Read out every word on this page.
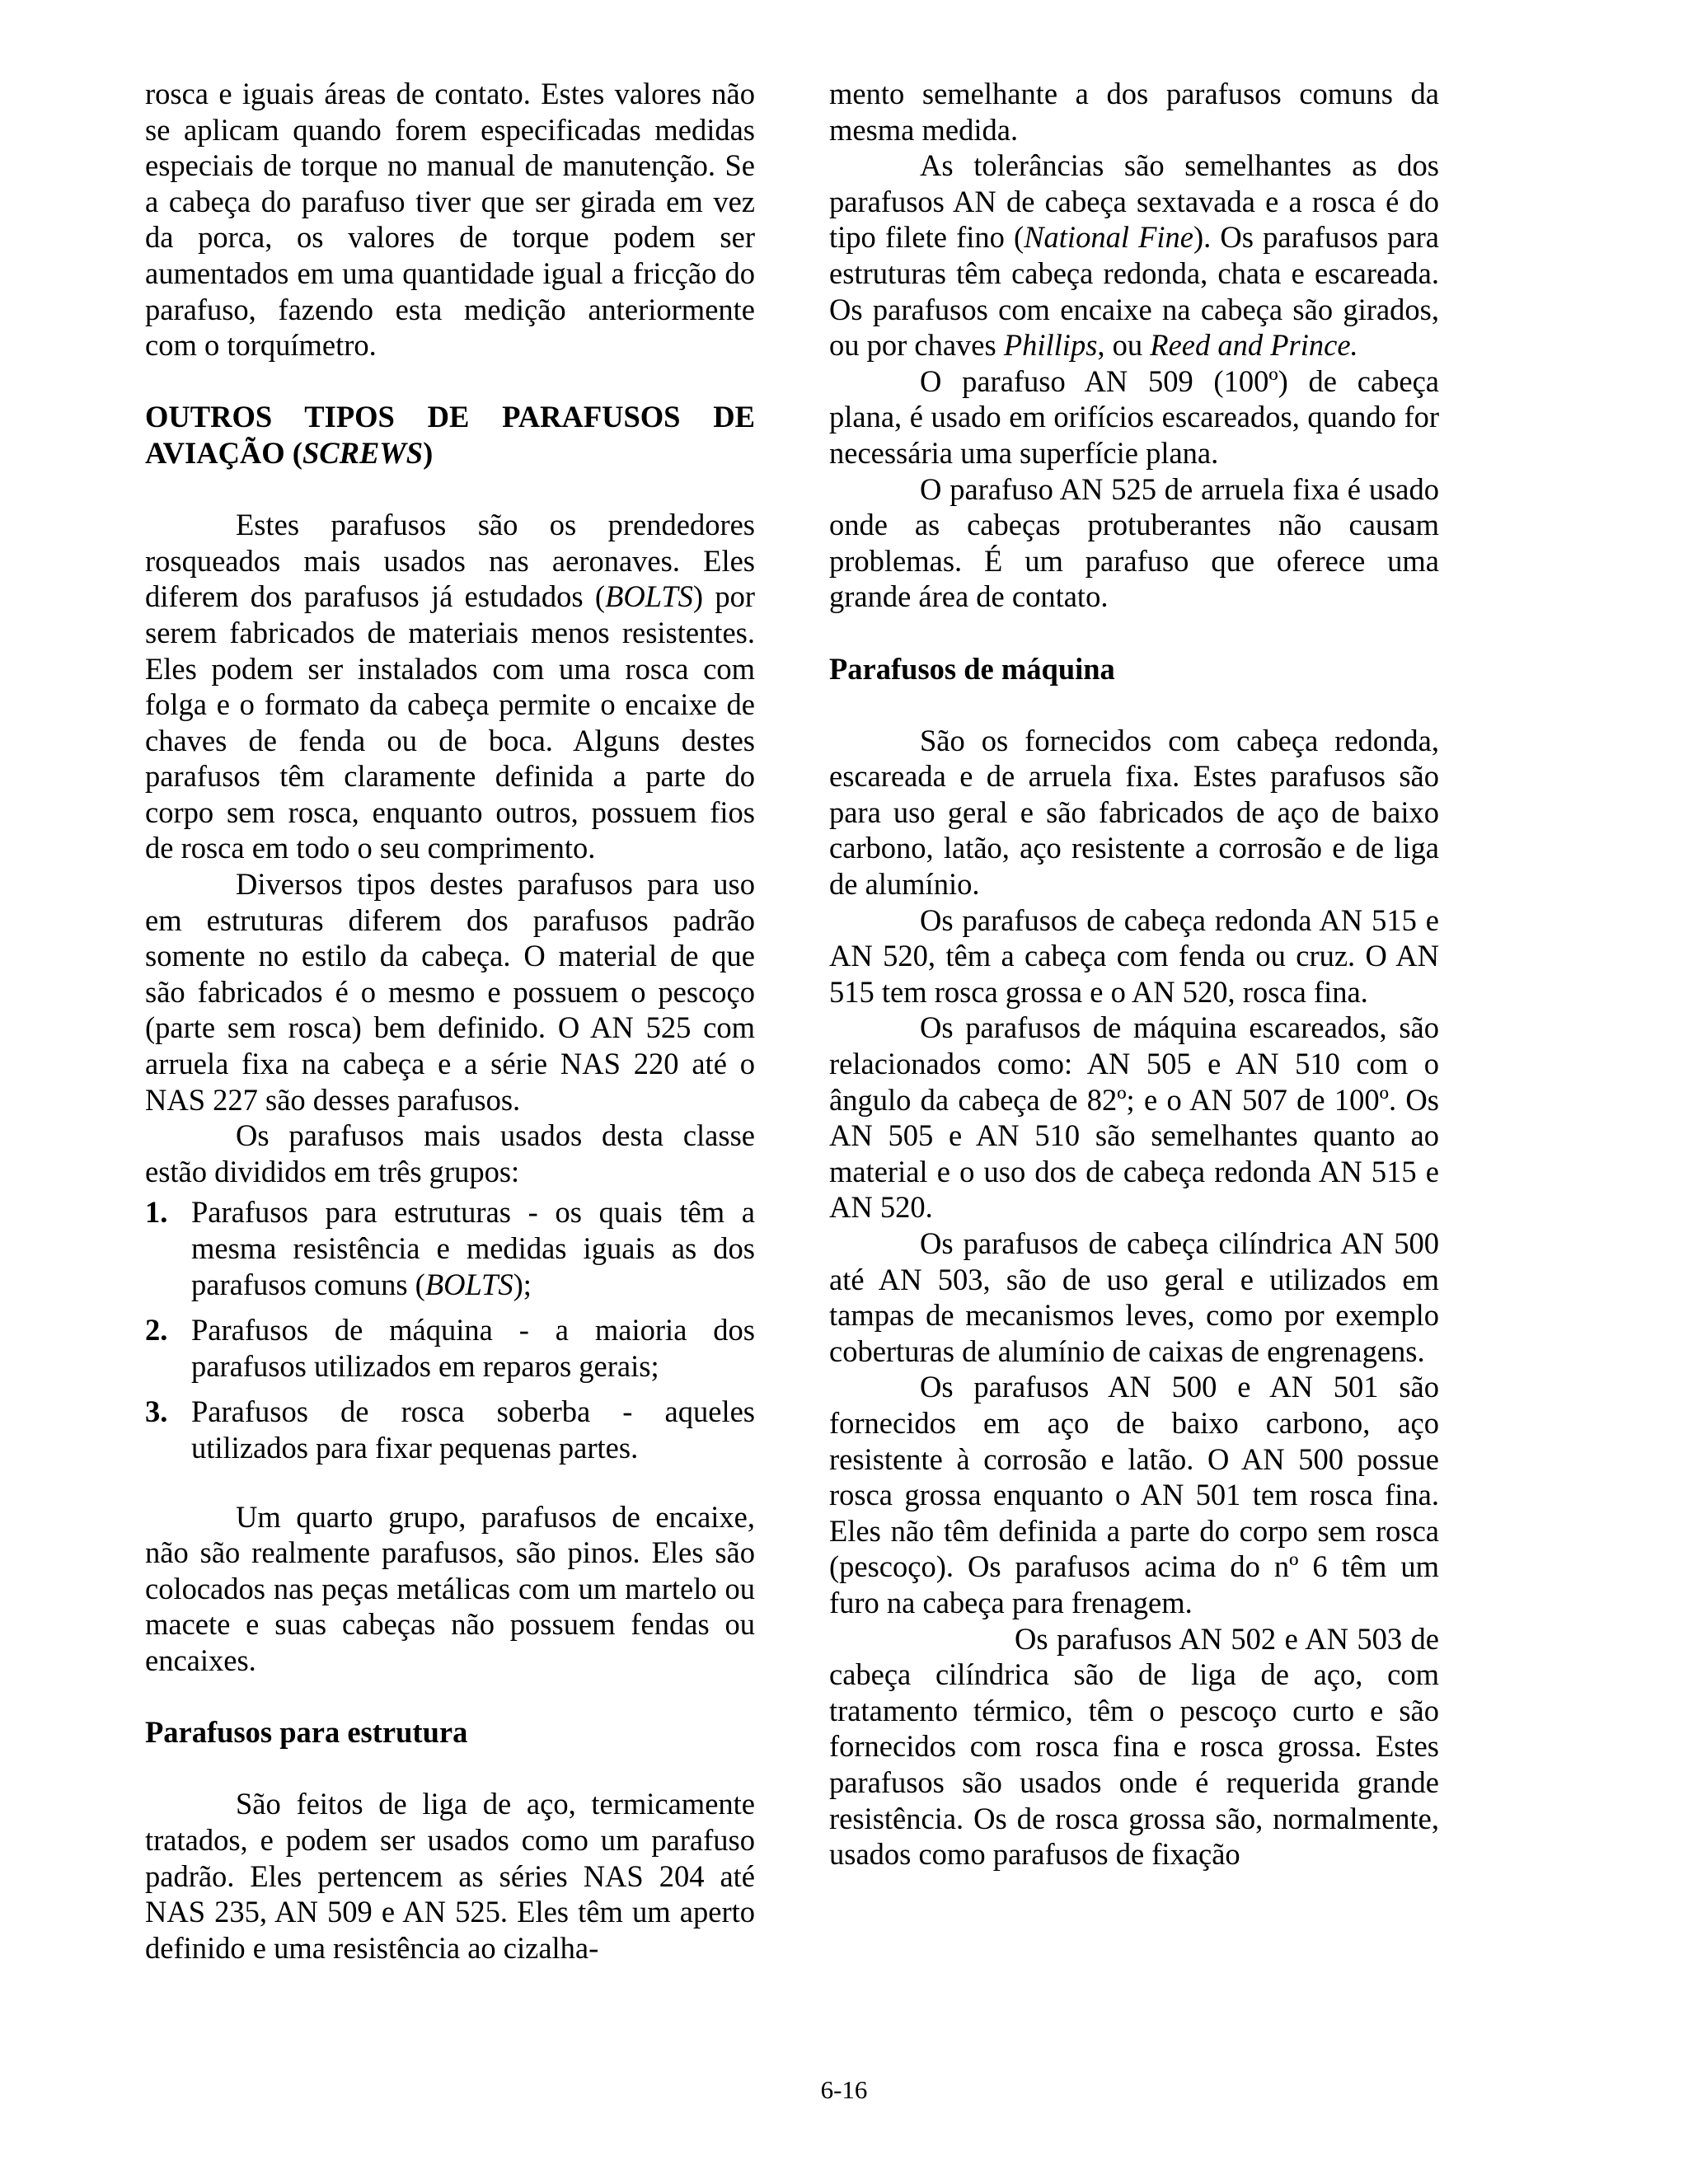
rosca e iguais áreas de contato. Estes valores não se aplicam quando forem especificadas medidas especiais de torque no manual de manutenção. Se a cabeça do parafuso tiver que ser girada em vez da porca, os valores de torque podem ser aumentados em uma quantidade igual a fricção do parafuso, fazendo esta medição anteriormente com o torquímetro.

OUTROS TIPOS DE PARAFUSOS DE AVIAÇÃO (SCREWS)

Estes parafusos são os prendedores rosqueados mais usados nas aeronaves. Eles diferem dos parafusos já estudados (BOLTS) por serem fabricados de materiais menos resistentes. Eles podem ser instalados com uma rosca com folga e o formato da cabeça permite o encaixe de chaves de fenda ou de boca. Alguns destes parafusos têm claramente definida a parte do corpo sem rosca, enquanto outros, possuem fios de rosca em todo o seu comprimento.

Diversos tipos destes parafusos para uso em estruturas diferem dos parafusos padrão somente no estilo da cabeça. O material de que são fabricados é o mesmo e possuem o pescoço (parte sem rosca) bem definido. O AN 525 com arruela fixa na cabeça e a série NAS 220 até o NAS 227 são desses parafusos.

Os parafusos mais usados desta classe estão divididos em três grupos:

1. Parafusos para estruturas - os quais têm a mesma resistência e medidas iguais as dos parafusos comuns (BOLTS);
2. Parafusos de máquina - a maioria dos parafusos utilizados em reparos gerais;
3. Parafusos de rosca soberba - aqueles utilizados para fixar pequenas partes.

Um quarto grupo, parafusos de encaixe, não são realmente parafusos, são pinos. Eles são colocados nas peças metálicas com um martelo ou macete e suas cabeças não possuem fendas ou encaixes.

Parafusos para estrutura

São feitos de liga de aço, termicamente tratados, e podem ser usados como um parafuso padrão. Eles pertencem as séries NAS 204 até NAS 235, AN 509 e AN 525. Eles têm um aperto definido e uma resistência ao cizalha-

mento semelhante a dos parafusos comuns da mesma medida.

As tolerâncias são semelhantes as dos parafusos AN de cabeça sextavada e a rosca é do tipo filete fino (National Fine). Os parafusos para estruturas têm cabeça redonda, chata e escareada. Os parafusos com encaixe na cabeça são girados, ou por chaves Phillips, ou Reed and Prince.

O parafuso AN 509 (100º) de cabeça plana, é usado em orifícios escareados, quando for necessária uma superfície plana.

O parafuso AN 525 de arruela fixa é usado onde as cabeças protuberantes não causam problemas. É um parafuso que oferece uma grande área de contato.

Parafusos de máquina

São os fornecidos com cabeça redonda, escareada e de arruela fixa. Estes parafusos são para uso geral e são fabricados de aço de baixo carbono, latão, aço resistente a corrosão e de liga de alumínio.

Os parafusos de cabeça redonda AN 515 e AN 520, têm a cabeça com fenda ou cruz. O AN 515 tem rosca grossa e o AN 520, rosca fina.

Os parafusos de máquina escareados, são relacionados como: AN 505 e AN 510 com o ângulo da cabeça de 82º; e o AN 507 de 100º. Os AN 505 e AN 510 são semelhantes quanto ao material e o uso dos de cabeça redonda AN 515 e AN 520.

Os parafusos de cabeça cilíndrica AN 500 até AN 503, são de uso geral e utilizados em tampas de mecanismos leves, como por exemplo coberturas de alumínio de caixas de engrenagens.

Os parafusos AN 500 e AN 501 são fornecidos em aço de baixo carbono, aço resistente à corrosão e latão. O AN 500 possue rosca grossa enquanto o AN 501 tem rosca fina. Eles não têm definida a parte do corpo sem rosca (pescoço). Os parafusos acima do nº 6 têm um furo na cabeça para frenagem.

Os parafusos AN 502 e AN 503 de cabeça cilíndrica são de liga de aço, com tratamento térmico, têm o pescoço curto e são fornecidos com rosca fina e rosca grossa. Estes parafusos são usados onde é requerida grande resistência. Os de rosca grossa são, normalmente, usados como parafusos de fixação

6-16
